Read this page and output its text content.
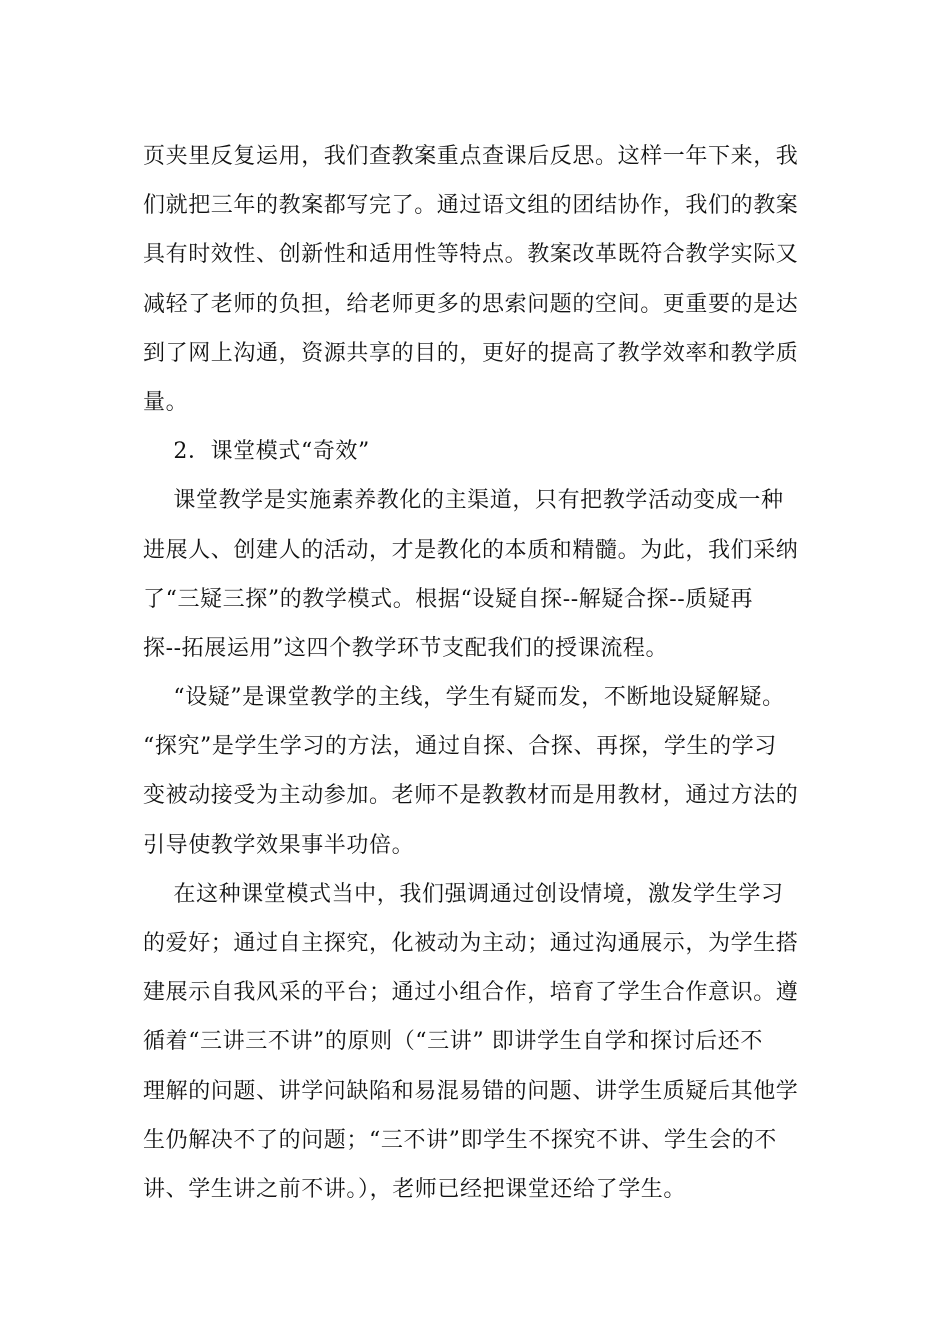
页夹里反复运用，我们查教案重点查课后反思。这样一年下来，我
们就把三年的教案都写完了。通过语文组的团结协作，我们的教案
具有时效性、创新性和适用性等特点。教案改革既符合教学实际又
减轻了老师的负担，给老师更多的思索问题的空间。更重要的是达
到了网上沟通，资源共享的目的，更好的提高了教学效率和教学质
量。
2．课堂模式“奇效”
课堂教学是实施素养教化的主渠道，只有把教学活动变成一种
进展人、创建人的活动，才是教化的本质和精髓。为此，我们采纳
了“三疑三探”的教学模式。根据“设疑自探--解疑合探--质疑再
探--拓展运用”这四个教学环节支配我们的授课流程。
“设疑”是课堂教学的主线，学生有疑而发，不断地设疑解疑。
“探究”是学生学习的方法，通过自探、合探、再探，学生的学习
变被动接受为主动参加。老师不是教教材而是用教材，通过方法的
引导使教学效果事半功倍。
在这种课堂模式当中，我们强调通过创设情境，激发学生学习
的爱好；通过自主探究，化被动为主动；通过沟通展示，为学生搭
建展示自我风采的平台；通过小组合作，培育了学生合作意识。遵
循着“三讲三不讲”的原则（“三讲” 即讲学生自学和探讨后还不
理解的问题、讲学问缺陷和易混易错的问题、讲学生质疑后其他学
生仍解决不了的问题；“三不讲”即学生不探究不讲、学生会的不
讲、学生讲之前不讲。），老师已经把课堂还给了学生。
